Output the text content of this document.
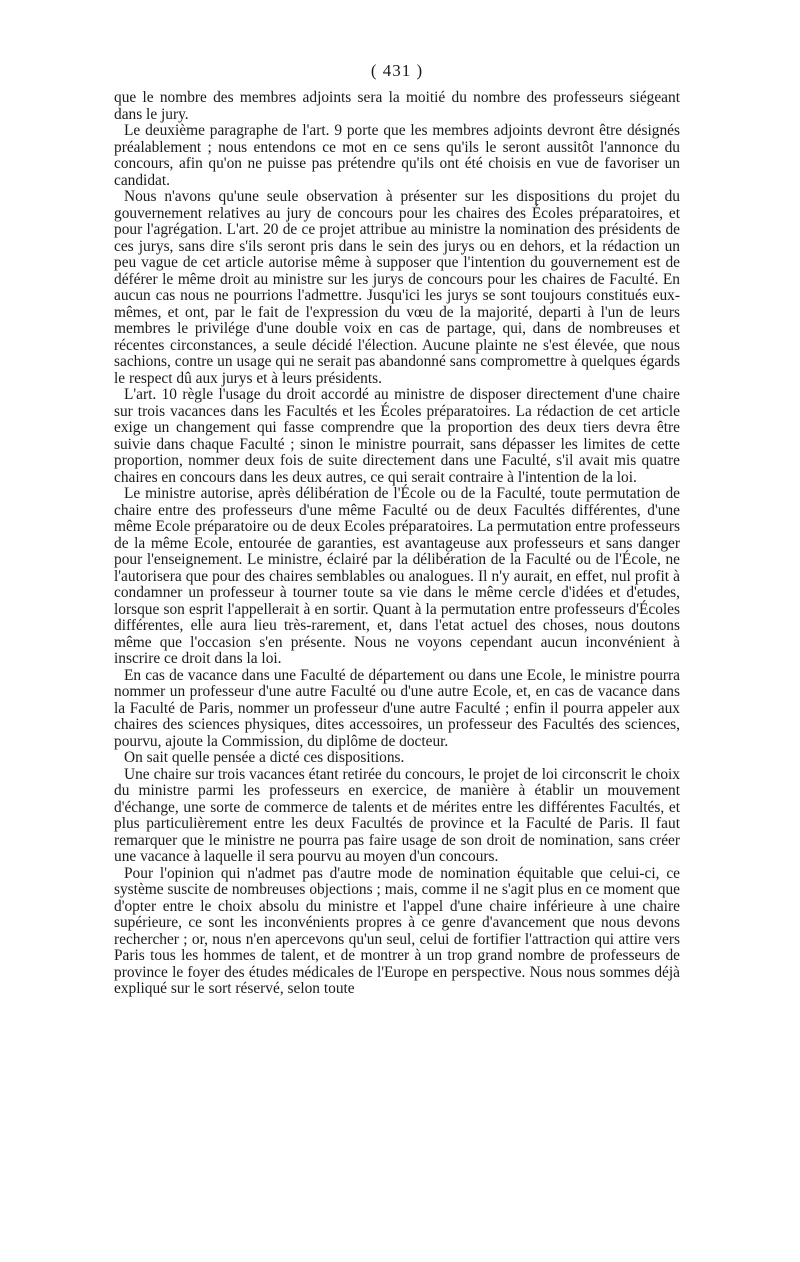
( 431 )

que le nombre des membres adjoints sera la moitié du nombre des professeurs siégeant dans le jury.

Le deuxième paragraphe de l'art. 9 porte que les membres adjoints devront être désignés préalablement ; nous entendons ce mot en ce sens qu'ils le seront aussitôt l'annonce du concours, afin qu'on ne puisse pas prétendre qu'ils ont été choisis en vue de favoriser un candidat.

Nous n'avons qu'une seule observation à présenter sur les dispositions du projet du gouvernement relatives au jury de concours pour les chaires des Écoles préparatoires, et pour l'agrégation. L'art. 20 de ce projet attribue au ministre la nomination des présidents de ces jurys, sans dire s'ils seront pris dans le sein des jurys ou en dehors, et la rédaction un peu vague de cet article autorise même à supposer que l'intention du gouvernement est de déférer le même droit au ministre sur les jurys de concours pour les chaires de Faculté. En aucun cas nous ne pourrions l'admettre. Jusqu'ici les jurys se sont toujours constitués eux-mêmes, et ont, par le fait de l'expression du vœu de la majorité, departi à l'un de leurs membres le privilége d'une double voix en cas de partage, qui, dans de nombreuses et récentes circonstances, a seule décidé l'élection. Aucune plainte ne s'est élevée, que nous sachions, contre un usage qui ne serait pas abandonné sans compromettre à quelques égards le respect dû aux jurys et à leurs présidents.

L'art. 10 règle l'usage du droit accordé au ministre de disposer directement d'une chaire sur trois vacances dans les Facultés et les Écoles préparatoires. La rédaction de cet article exige un changement qui fasse comprendre que la proportion des deux tiers devra être suivie dans chaque Faculté ; sinon le ministre pourrait, sans dépasser les limites de cette proportion, nommer deux fois de suite directement dans une Faculté, s'il avait mis quatre chaires en concours dans les deux autres, ce qui serait contraire à l'intention de la loi.

Le ministre autorise, après délibération de l'École ou de la Faculté, toute permutation de chaire entre des professeurs d'une même Faculté ou de deux Facultés différentes, d'une même Ecole préparatoire ou de deux Ecoles préparatoires. La permutation entre professeurs de la même Ecole, entourée de garanties, est avantageuse aux professeurs et sans danger pour l'enseignement. Le ministre, éclairé par la délibération de la Faculté ou de l'École, ne l'autorisera que pour des chaires semblables ou analogues. Il n'y aurait, en effet, nul profit à condamner un professeur à tourner toute sa vie dans le même cercle d'idées et d'etudes, lorsque son esprit l'appellerait à en sortir. Quant à la permutation entre professeurs d'Écoles différentes, elle aura lieu très-rarement, et, dans l'etat actuel des choses, nous doutons même que l'occasion s'en présente. Nous ne voyons cependant aucun inconvénient à inscrire ce droit dans la loi.

En cas de vacance dans une Faculté de département ou dans une Ecole, le ministre pourra nommer un professeur d'une autre Faculté ou d'une autre Ecole, et, en cas de vacance dans la Faculté de Paris, nommer un professeur d'une autre Faculté ; enfin il pourra appeler aux chaires des sciences physiques, dites accessoires, un professeur des Facultés des sciences, pourvu, ajoute la Commission, du diplôme de docteur.

On sait quelle pensée a dicté ces dispositions.

Une chaire sur trois vacances étant retirée du concours, le projet de loi circonscrit le choix du ministre parmi les professeurs en exercice, de manière à établir un mouvement d'échange, une sorte de commerce de talents et de mérites entre les différentes Facultés, et plus particulièrement entre les deux Facultés de province et la Faculté de Paris. Il faut remarquer que le ministre ne pourra pas faire usage de son droit de nomination, sans créer une vacance à laquelle il sera pourvu au moyen d'un concours.

Pour l'opinion qui n'admet pas d'autre mode de nomination équitable que celui-ci, ce système suscite de nombreuses objections ; mais, comme il ne s'agit plus en ce moment que d'opter entre le choix absolu du ministre et l'appel d'une chaire inférieure à une chaire supérieure, ce sont les inconvénients propres à ce genre d'avancement que nous devons rechercher ; or, nous n'en apercevons qu'un seul, celui de fortifier l'attraction qui attire vers Paris tous les hommes de talent, et de montrer à un trop grand nombre de professeurs de province le foyer des études médicales de l'Europe en perspective. Nous nous sommes déjà expliqué sur le sort réservé, selon toute
